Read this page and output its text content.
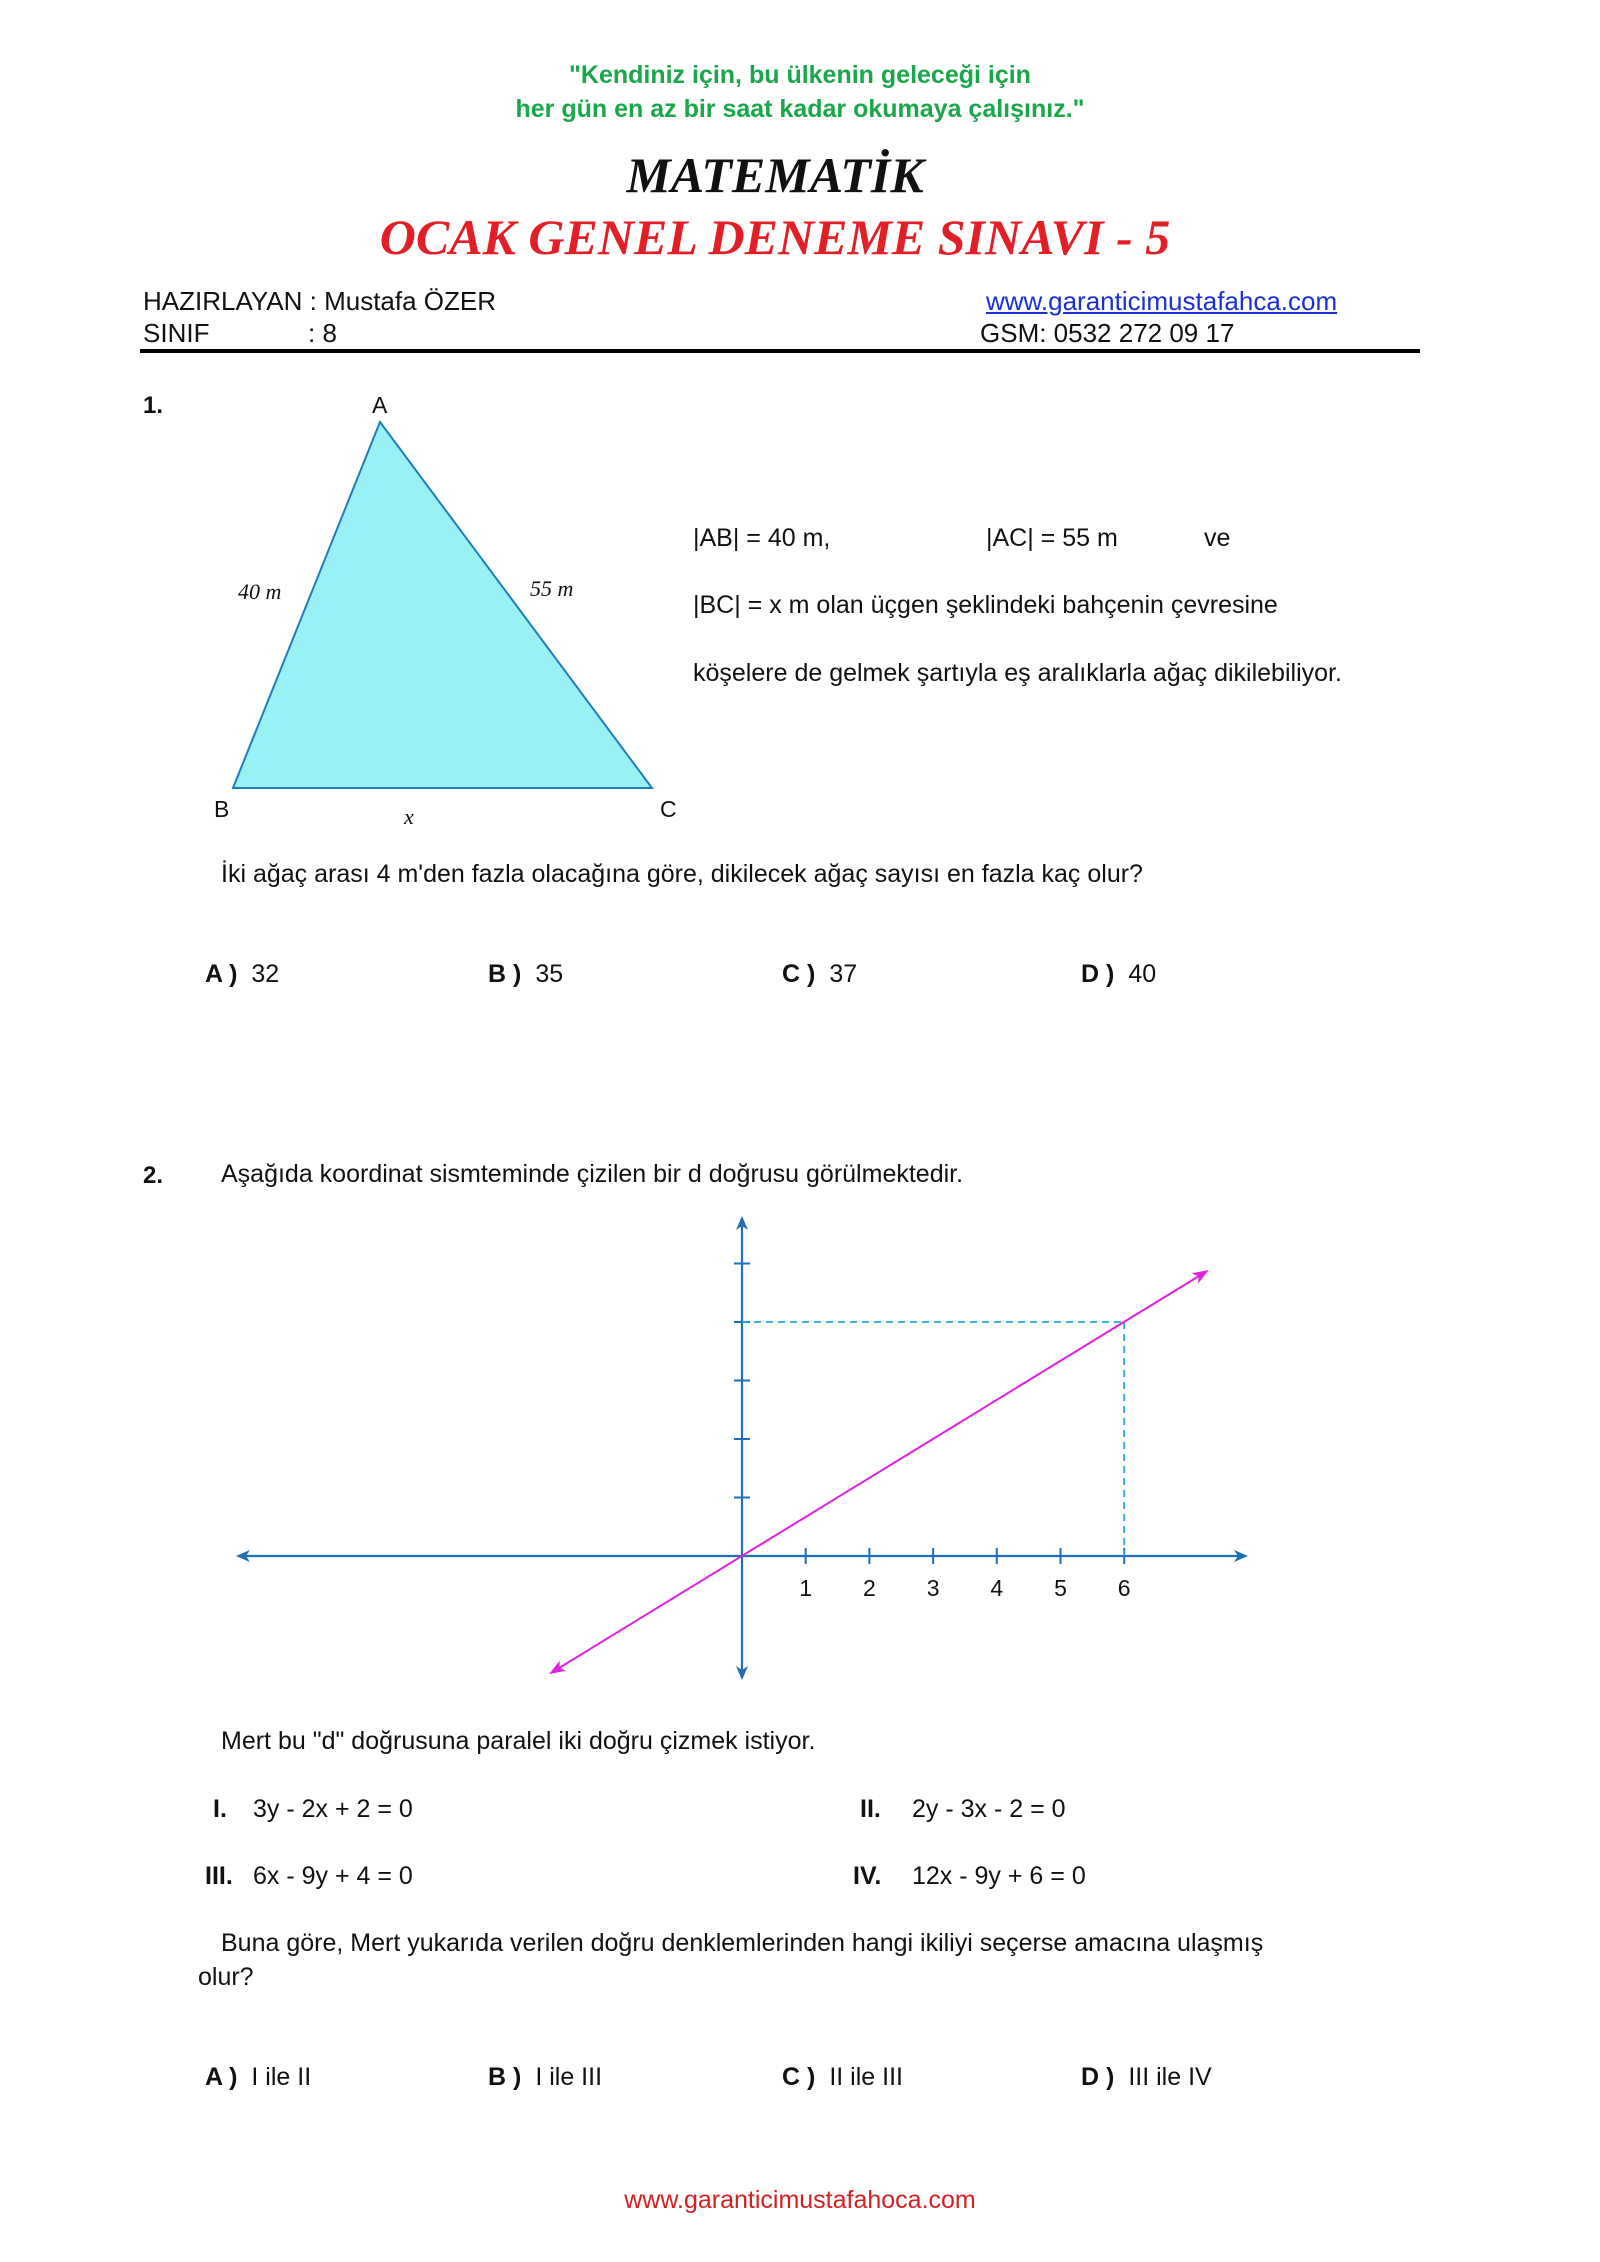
"Kendiniz için, bu ülkenin geleceği için
her gün en az bir saat kadar okumaya çalışınız."
MATEMATİK
OCAK GENEL DENEME SINAVI - 5
HAZIRLAYAN : Mustafa ÖZER
SINIF	: 8
www.garanticimustafahca.com
GSM: 0532 272 09 17
1.	A
B	C
40 m	55 m
x
|AB| = 40 m,	|AC| = 55 m	ve
|BC| = x m olan üçgen şeklindeki bahçenin çevresine
köşelere de gelmek şartıyla eş aralıklarla ağaç dikilebiliyor.
İki ağaç arası 4 m'den fazla olacağına göre, dikilecek ağaç sayısı en fazla kaç olur?
A ) 32	B ) 35	C ) 37	D ) 40
2. Aşağıda koordinat sismteminde çizilen bir d doğrusu görülmektedir.
1 2 3 4 5 6
Mert bu "d" doğrusuna paralel iki doğru çizmek istiyor.
I. 3y - 2x + 2 = 0	II. 2y - 3x - 2 = 0
III. 6x - 9y + 4 = 0	IV. 12x - 9y + 6 = 0
Buna göre, Mert yukarıda verilen doğru denklemlerinden hangi ikiliyi seçerse amacına ulaşmış
olur?
A ) I ile II	B ) I ile III	C ) II ile III	D ) III ile IV
www.garanticimustafahoca.com
